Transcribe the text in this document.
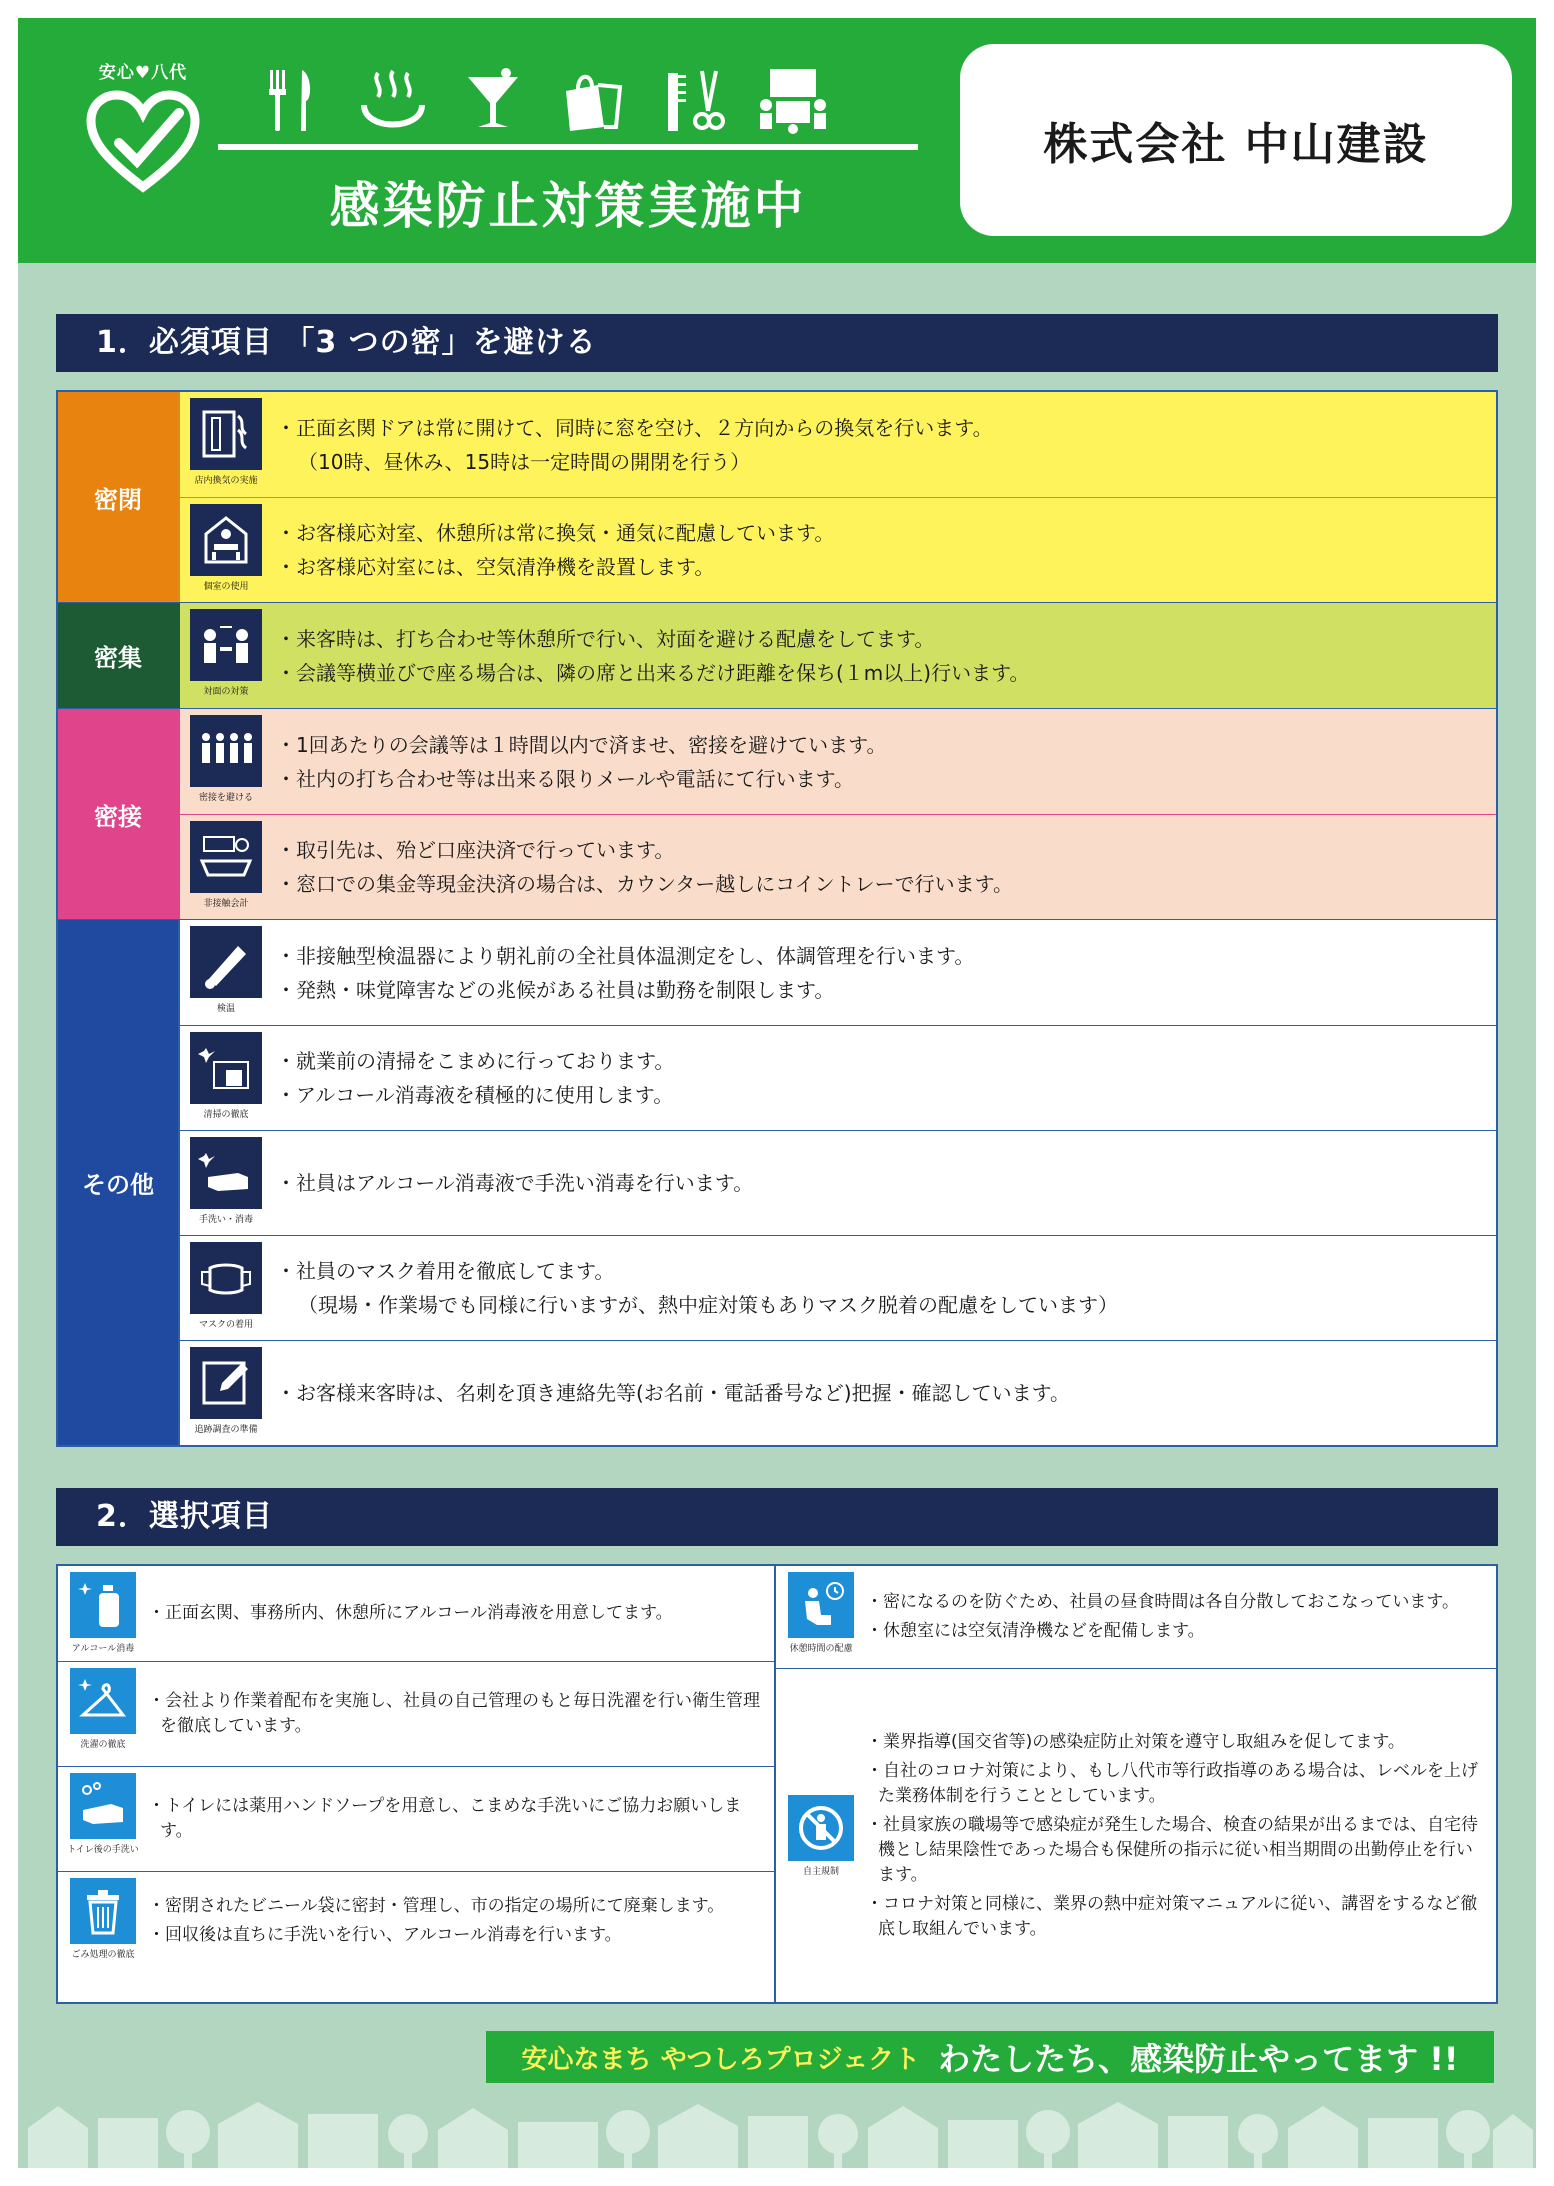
安心♥八代
感染防止対策実施中
株式会社 中山建設
1．必須項目 「3 つの密」を避ける
密閉
店内換気の実施
・正面玄関ドアは常に開けて、同時に窓を空け、２方向からの換気を行います。
（10時、昼休み、15時は一定時間の開閉を行う）
個室の使用
・お客様応対室、休憩所は常に換気・通気に配慮しています。
・お客様応対室には、空気清浄機を設置します。
密集
対面の対策
・来客時は、打ち合わせ等休憩所で行い、対面を避ける配慮をしてます。
・会議等横並びで座る場合は、隣の席と出来るだけ距離を保ち(１m以上)行います。
密接
密接を避ける
・1回あたりの会議等は１時間以内で済ませ、密接を避けています。
・社内の打ち合わせ等は出来る限りメールや電話にて行います。
非接触会計
・取引先は、殆ど口座決済で行っています。
・窓口での集金等現金決済の場合は、カウンター越しにコイントレーで行います。
その他
検温
・非接触型検温器により朝礼前の全社員体温測定をし、体調管理を行います。
・発熱・味覚障害などの兆候がある社員は勤務を制限します。
清掃の徹底
・就業前の清掃をこまめに行っております。
・アルコール消毒液を積極的に使用します。
手洗い・消毒
・社員はアルコール消毒液で手洗い消毒を行います。
マスクの着用
・社員のマスク着用を徹底してます。
（現場・作業場でも同様に行いますが、熱中症対策もありマスク脱着の配慮をしています）
追跡調査の準備
・お客様来客時は、名刺を頂き連絡先等(お名前・電話番号など)把握・確認しています。
2．選択項目
アルコール消毒

・正面玄関、事務所内、休憩所にアルコール消毒液を用意してます。

洗濯の徹底

・会社より作業着配布を実施し、社員の自己管理のもと毎日洗濯を行い衛生管理を徹底しています。

トイレ後の手洗い

・トイレには薬用ハンドソープを用意し、こまめな手洗いにご協力お願いします。

ごみ処理の徹底

・密閉されたビニール袋に密封・管理し、市の指定の場所にて廃棄します。

・回収後は直ちに手洗いを行い、アルコール消毒を行います。

休憩時間の配慮

・密になるのを防ぐため、社員の昼食時間は各自分散しておこなっています。

・休憩室には空気清浄機などを配備します。

自主規制

・業界指導(国交省等)の感染症防止対策を遵守し取組みを促してます。

・自社のコロナ対策により、もし八代市等行政指導のある場合は、レベルを上げた業務体制を行うこととしています。

・社員家族の職場等で感染症が発生した場合、検査の結果が出るまでは、自宅待機とし結果陰性であった場合も保健所の指示に従い相当期間の出勤停止を行います。

・コロナ対策と同様に、業界の熱中症対策マニュアルに従い、講習をするなど徹底し取組んでいます。

安心なまち やつしろプロジェクト わたしたち、感染防止やってます !!
